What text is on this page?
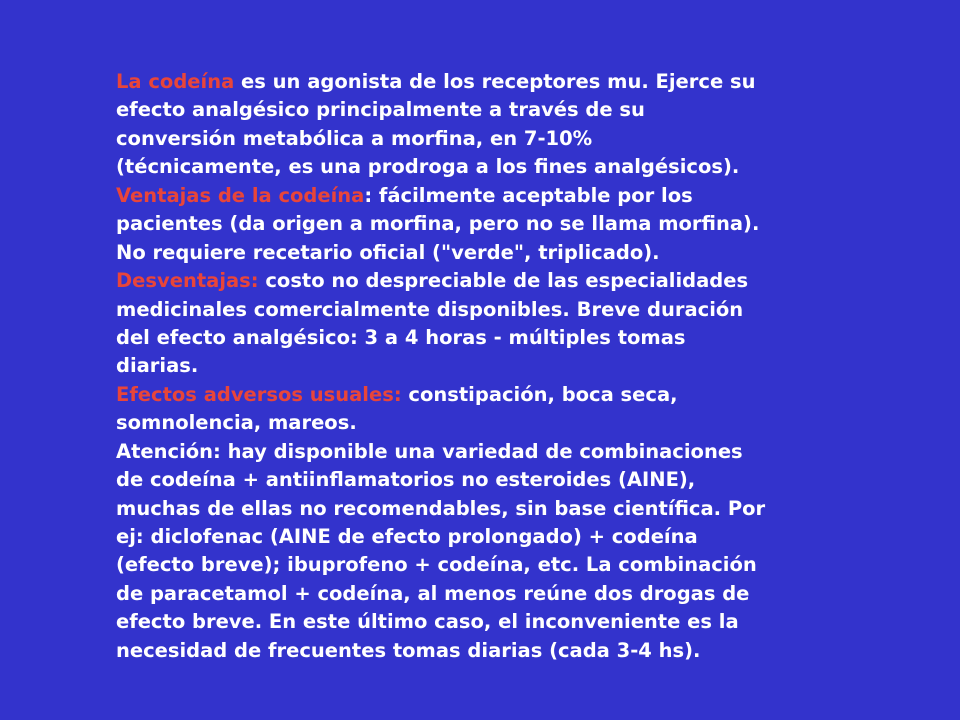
La codeína es un agonista de los receptores mu. Ejerce su
efecto analgésico principalmente a través de su
conversión metabólica a morfina, en 7-10%
(técnicamente, es una prodroga a los fines analgésicos).
Ventajas de la codeína: fácilmente aceptable por los
pacientes (da origen a morfina, pero no se llama morfina).
No requiere recetario oficial ("verde", triplicado).
Desventajas: costo no despreciable de las especialidades
medicinales comercialmente disponibles. Breve duración
del efecto analgésico: 3 a 4 horas - múltiples tomas
diarias.
Efectos adversos usuales: constipación, boca seca,
somnolencia, mareos.
Atención: hay disponible una variedad de combinaciones
de codeína + antiinflamatorios no esteroides (AINE),
muchas de ellas no recomendables, sin base científica. Por
ej: diclofenac (AINE de efecto prolongado) + codeína
(efecto breve); ibuprofeno + codeína, etc. La combinación
de paracetamol + codeína, al menos reúne dos drogas de
efecto breve. En este último caso, el inconveniente es la
necesidad de frecuentes tomas diarias (cada 3-4 hs).
